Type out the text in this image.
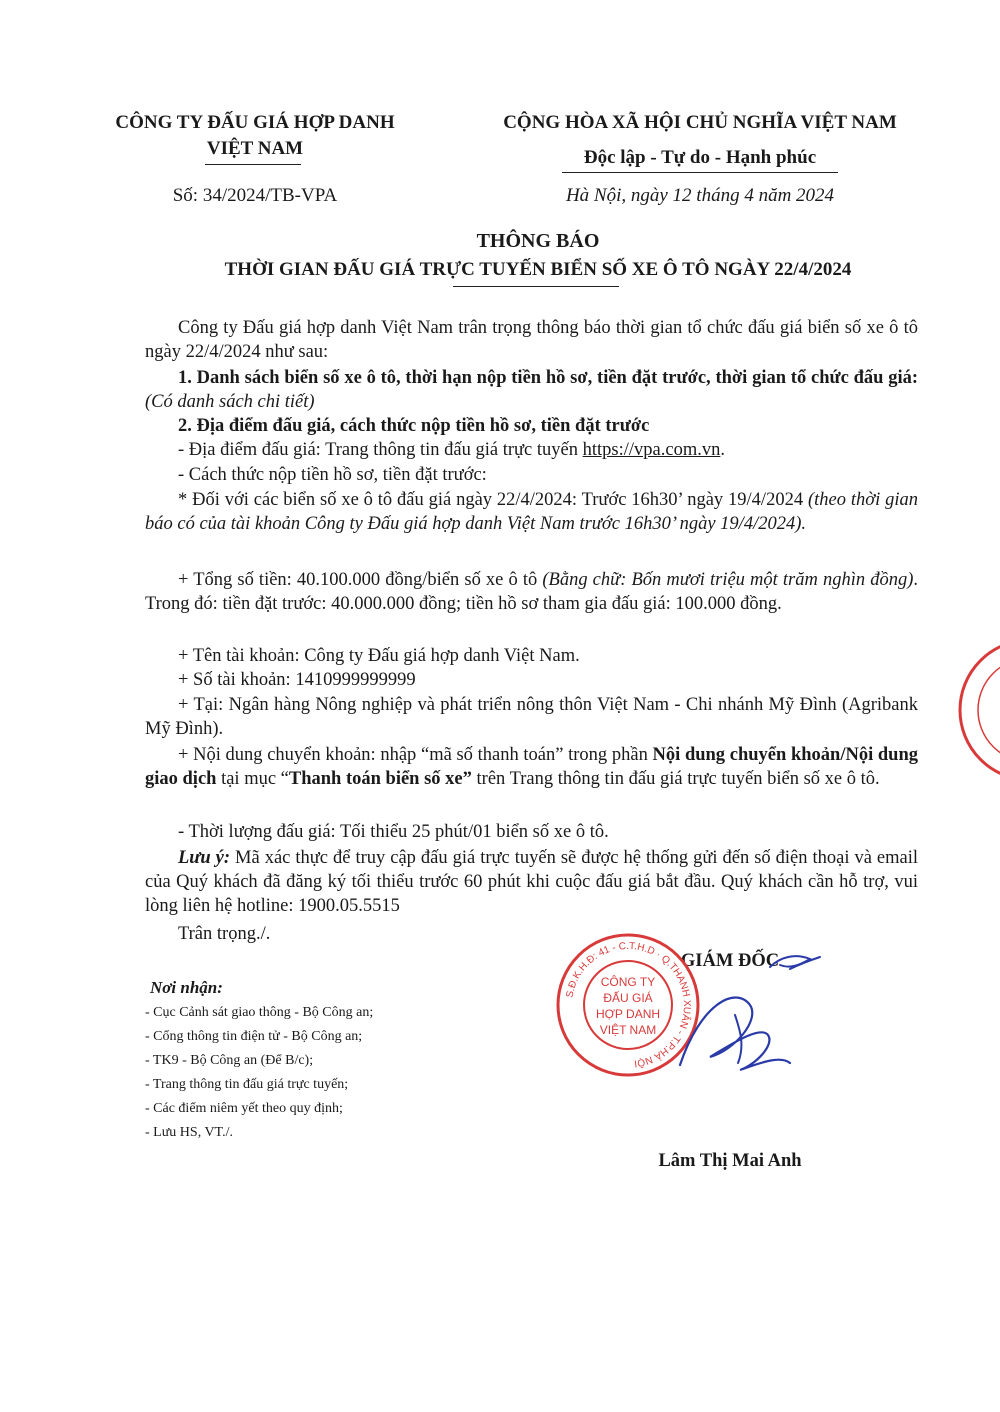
CÔNG TY ĐẤU GIÁ HỢP DANH
VIỆT NAM
Số: 34/2024/TB-VPA
CỘNG HÒA XÃ HỘI CHỦ NGHĨA VIỆT NAM
Độc lập - Tự do - Hạnh phúc
Hà Nội, ngày 12 tháng 4 năm 2024
THÔNG BÁO
THỜI GIAN ĐẤU GIÁ TRỰC TUYẾN BIỂN SỐ XE Ô TÔ NGÀY 22/4/2024
Công ty Đấu giá hợp danh Việt Nam trân trọng thông báo thời gian tổ chức đấu giá biển số xe ô tô ngày 22/4/2024 như sau:
1. Danh sách biển số xe ô tô, thời hạn nộp tiền hồ sơ, tiền đặt trước, thời gian tổ chức đấu giá: (Có danh sách chi tiết)
2. Địa điểm đấu giá, cách thức nộp tiền hồ sơ, tiền đặt trước
- Địa điểm đấu giá: Trang thông tin đấu giá trực tuyến https://vpa.com.vn.
- Cách thức nộp tiền hồ sơ, tiền đặt trước:
* Đối với các biển số xe ô tô đấu giá ngày 22/4/2024: Trước 16h30’ ngày 19/4/2024 (theo thời gian báo có của tài khoản Công ty Đấu giá hợp danh Việt Nam trước 16h30’ ngày 19/4/2024).
+ Tổng số tiền: 40.100.000 đồng/biển số xe ô tô (Bằng chữ: Bốn mươi triệu một trăm nghìn đồng). Trong đó: tiền đặt trước: 40.000.000 đồng; tiền hồ sơ tham gia đấu giá: 100.000 đồng.
+ Tên tài khoản: Công ty Đấu giá hợp danh Việt Nam.
+ Số tài khoản: 1410999999999
+ Tại: Ngân hàng Nông nghiệp và phát triển nông thôn Việt Nam - Chi nhánh Mỹ Đình (Agribank Mỹ Đình).
+ Nội dung chuyển khoản: nhập “mã số thanh toán” trong phần Nội dung chuyển khoản/Nội dung giao dịch tại mục “Thanh toán biển số xe” trên Trang thông tin đấu giá trực tuyến biển số xe ô tô.
- Thời lượng đấu giá: Tối thiểu 25 phút/01 biển số xe ô tô.
Lưu ý: Mã xác thực để truy cập đấu giá trực tuyến sẽ được hệ thống gửi đến số điện thoại và email của Quý khách đã đăng ký tối thiểu trước 60 phút khi cuộc đấu giá bắt đầu. Quý khách cần hỗ trợ, vui lòng liên hệ hotline: 1900.05.5515
Trân trọng./.
Nơi nhận:
- Cục Cảnh sát giao thông - Bộ Công an;
- Cổng thông tin điện tử - Bộ Công an;
- TK9 - Bộ Công an (Để B/c);
- Trang thông tin đấu giá trực tuyến;
- Các điểm niêm yết theo quy định;
- Lưu HS, VT./.
GIÁM ĐỐC
S.Đ.K.H.Đ: 41 - C.T.H.D · Q.THANH XUÂN - T.P.HÀ NỘI
CÔNG TY
ĐẤU GIÁ
HỢP DANH
VIỆT NAM
Lâm Thị Mai Anh
